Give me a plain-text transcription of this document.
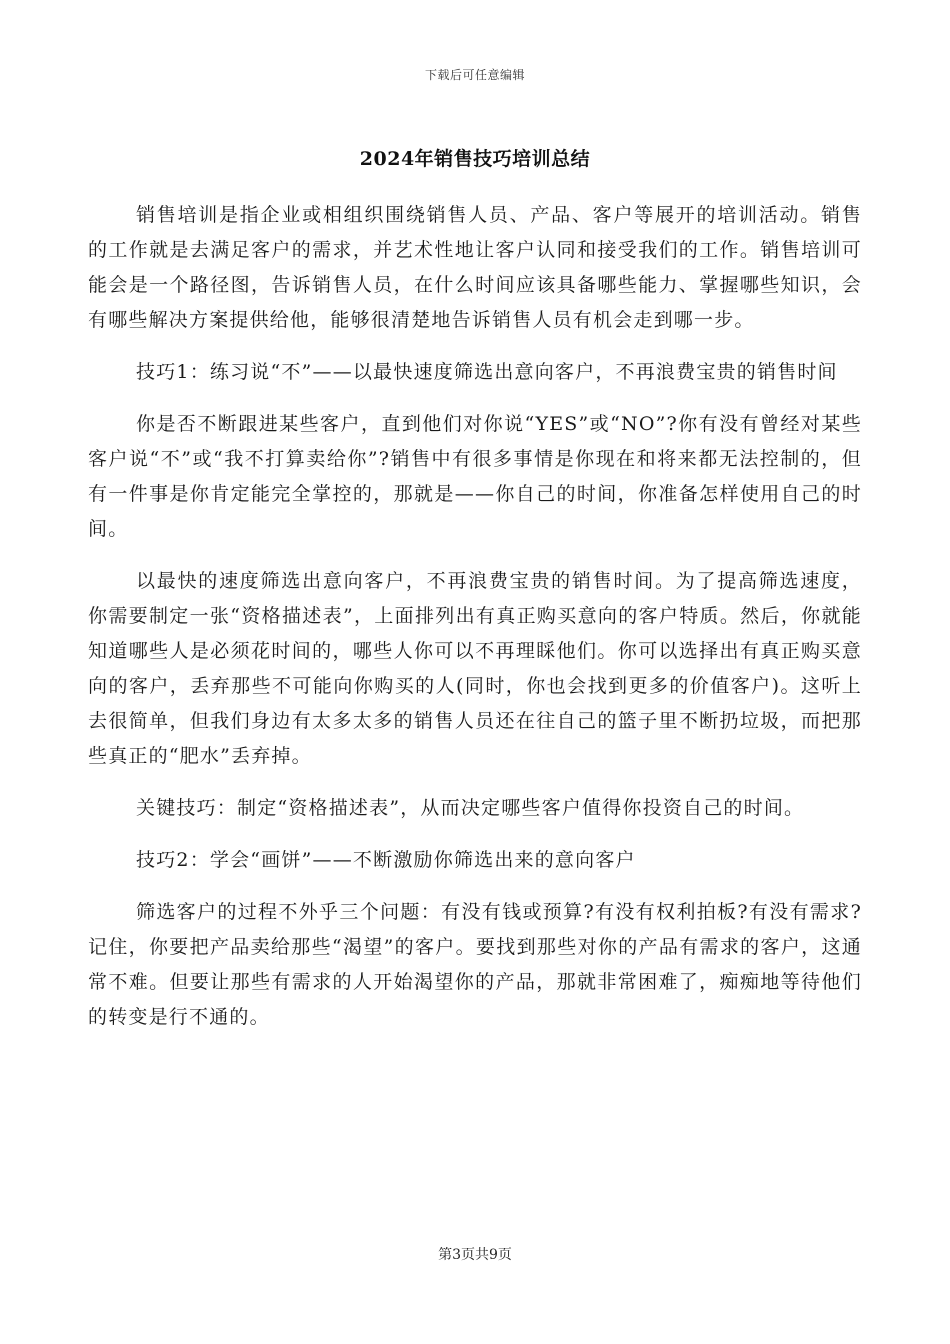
下载后可任意编辑
2024年销售技巧培训总结

销售培训是指企业或相组织围绕销售人员、产品、客户等展开的培训活动。销售的工作就是去满足客户的需求，并艺术性地让客户认同和接受我们的工作。销售培训可能会是一个路径图，告诉销售人员，在什么时间应该具备哪些能力、掌握哪些知识，会有哪些解决方案提供给他，能够很清楚地告诉销售人员有机会走到哪一步。

技巧1：练习说“不”——以最快速度筛选出意向客户，不再浪费宝贵的销售时间

你是否不断跟进某些客户，直到他们对你说“YES”或“NO”?你有没有曾经对某些客户说“不”或“我不打算卖给你”?销售中有很多事情是你现在和将来都无法控制的，但有一件事是你肯定能完全掌控的，那就是——你自己的时间，你准备怎样使用自己的时间。

以最快的速度筛选出意向客户，不再浪费宝贵的销售时间。为了提高筛选速度，你需要制定一张“资格描述表”，上面排列出有真正购买意向的客户特质。然后，你就能知道哪些人是必须花时间的，哪些人你可以不再理睬他们。你可以选择出有真正购买意向的客户，丢弃那些不可能向你购买的人(同时，你也会找到更多的价值客户)。这听上去很简单，但我们身边有太多太多的销售人员还在往自己的篮子里不断扔垃圾，而把那些真正的“肥水”丢弃掉。

关键技巧：制定“资格描述表”，从而决定哪些客户值得你投资自己的时间。

技巧2：学会“画饼”——不断激励你筛选出来的意向客户

筛选客户的过程不外乎三个问题：有没有钱或预算?有没有权利拍板?有没有需求?记住，你要把产品卖给那些“渴望”的客户。要找到那些对你的产品有需求的客户，这通常不难。但要让那些有需求的人开始渴望你的产品，那就非常困难了，痴痴地等待他们的转变是行不通的。

第3页共9页
